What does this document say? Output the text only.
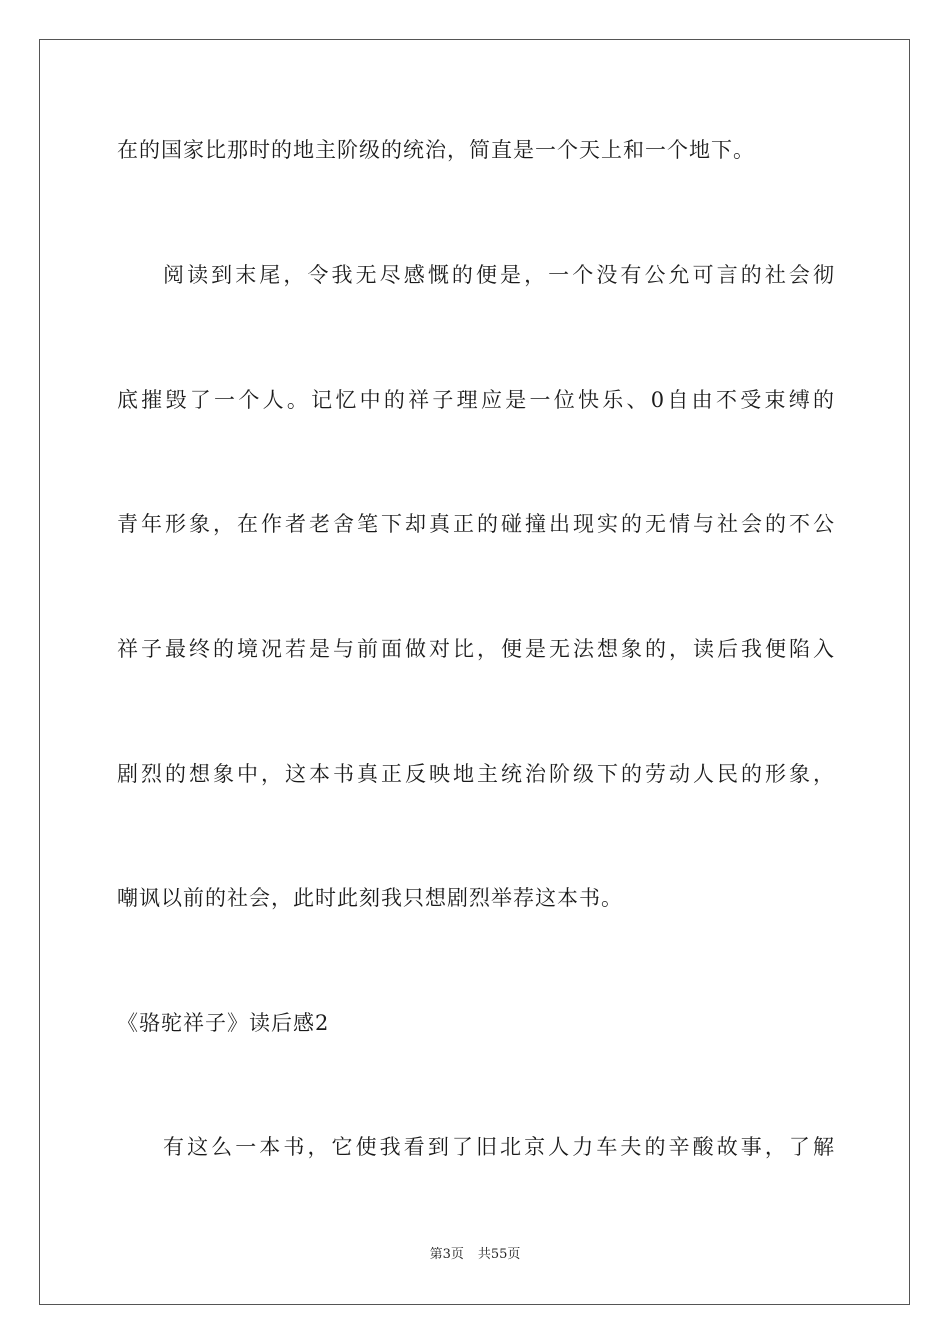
在的国家比那时的地主阶级的统治，简直是一个天上和一个地下。
阅读到末尾，令我无尽感慨的便是，一个没有公允可言的社会彻
底摧毁了一个人。记忆中的祥子理应是一位快乐、0自由不受束缚的
青年形象，在作者老舍笔下却真正的碰撞出现实的无情与社会的不公
祥子最终的境况若是与前面做对比，便是无法想象的，读后我便陷入
剧烈的想象中，这本书真正反映地主统治阶级下的劳动人民的形象，
嘲讽以前的社会，此时此刻我只想剧烈举荐这本书。
《骆驼祥子》读后感2
有这么一本书，它使我看到了旧北京人力车夫的辛酸故事，了解
第3页 共55页
